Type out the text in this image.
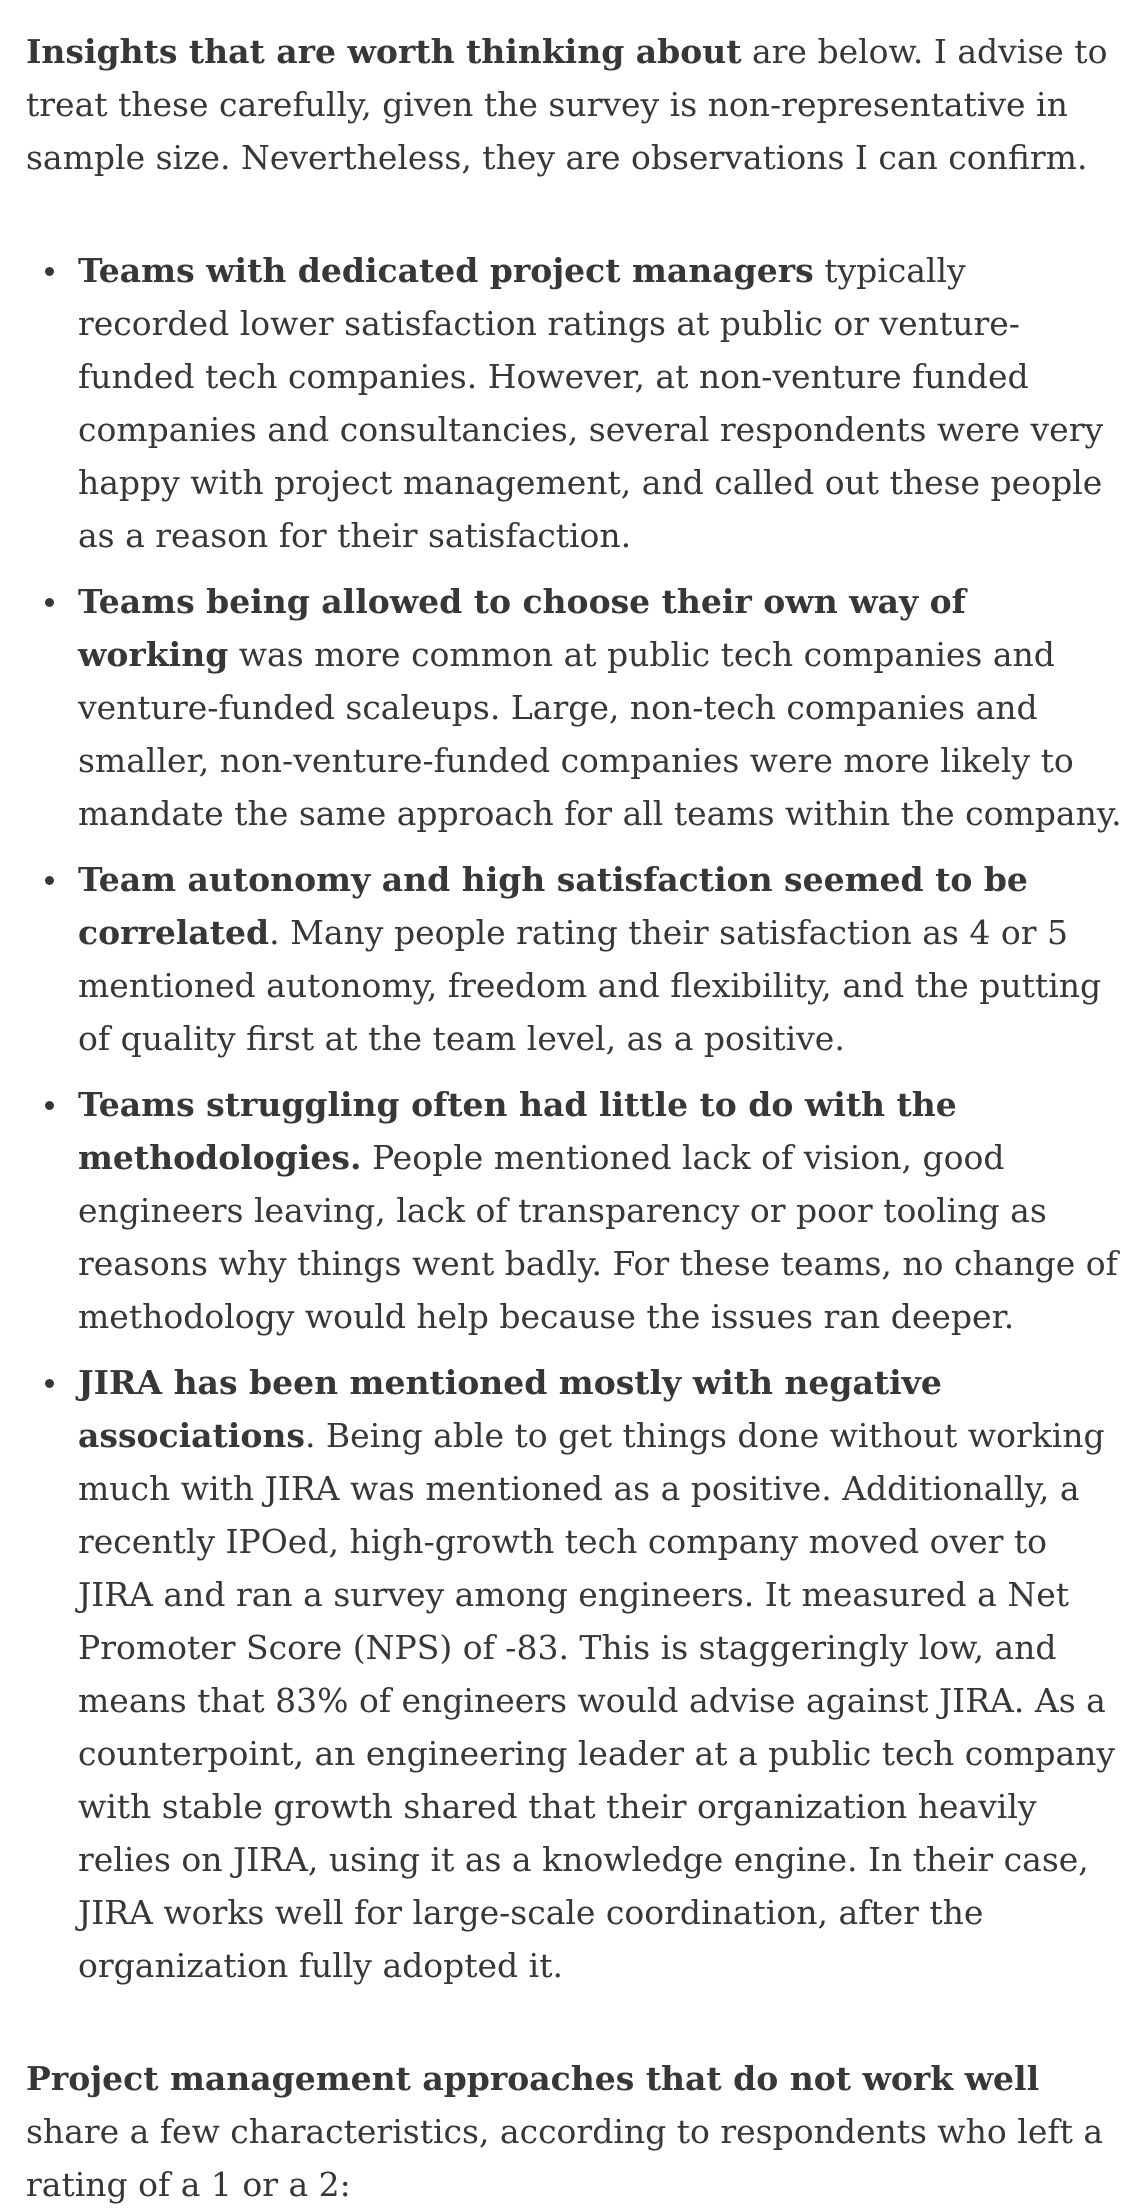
Insights that are worth thinking about are below. I advise to treat these carefully, given the survey is non-representative in sample size. Nevertheless, they are observations I can confirm.

Teams with dedicated project managers typically recorded lower satisfaction ratings at public or venture-funded tech companies. However, at non-venture funded companies and consultancies, several respondents were very happy with project management, and called out these people as a reason for their satisfaction.
Teams being allowed to choose their own way of working was more common at public tech companies and venture-funded scaleups. Large, non-tech companies and smaller, non-venture-funded companies were more likely to mandate the same approach for all teams within the company.
Team autonomy and high satisfaction seemed to be correlated. Many people rating their satisfaction as 4 or 5 mentioned autonomy, freedom and flexibility, and the putting of quality first at the team level, as a positive.
Teams struggling often had little to do with the methodologies. People mentioned lack of vision, good engineers leaving, lack of transparency or poor tooling as reasons why things went badly. For these teams, no change of methodology would help because the issues ran deeper.
JIRA has been mentioned mostly with negative associations. Being able to get things done without working much with JIRA was mentioned as a positive. Additionally, a recently IPOed, high-growth tech company moved over to JIRA and ran a survey among engineers. It measured a Net Promoter Score (NPS) of -83. This is staggeringly low, and means that 83% of engineers would advise against JIRA. As a counterpoint, an engineering leader at a public tech company with stable growth shared that their organization heavily relies on JIRA, using it as a knowledge engine. In their case, JIRA works well for large-scale coordination, after the organization fully adopted it.

Project management approaches that do not work well share a few characteristics, according to respondents who left a rating of a 1 or a 2:
